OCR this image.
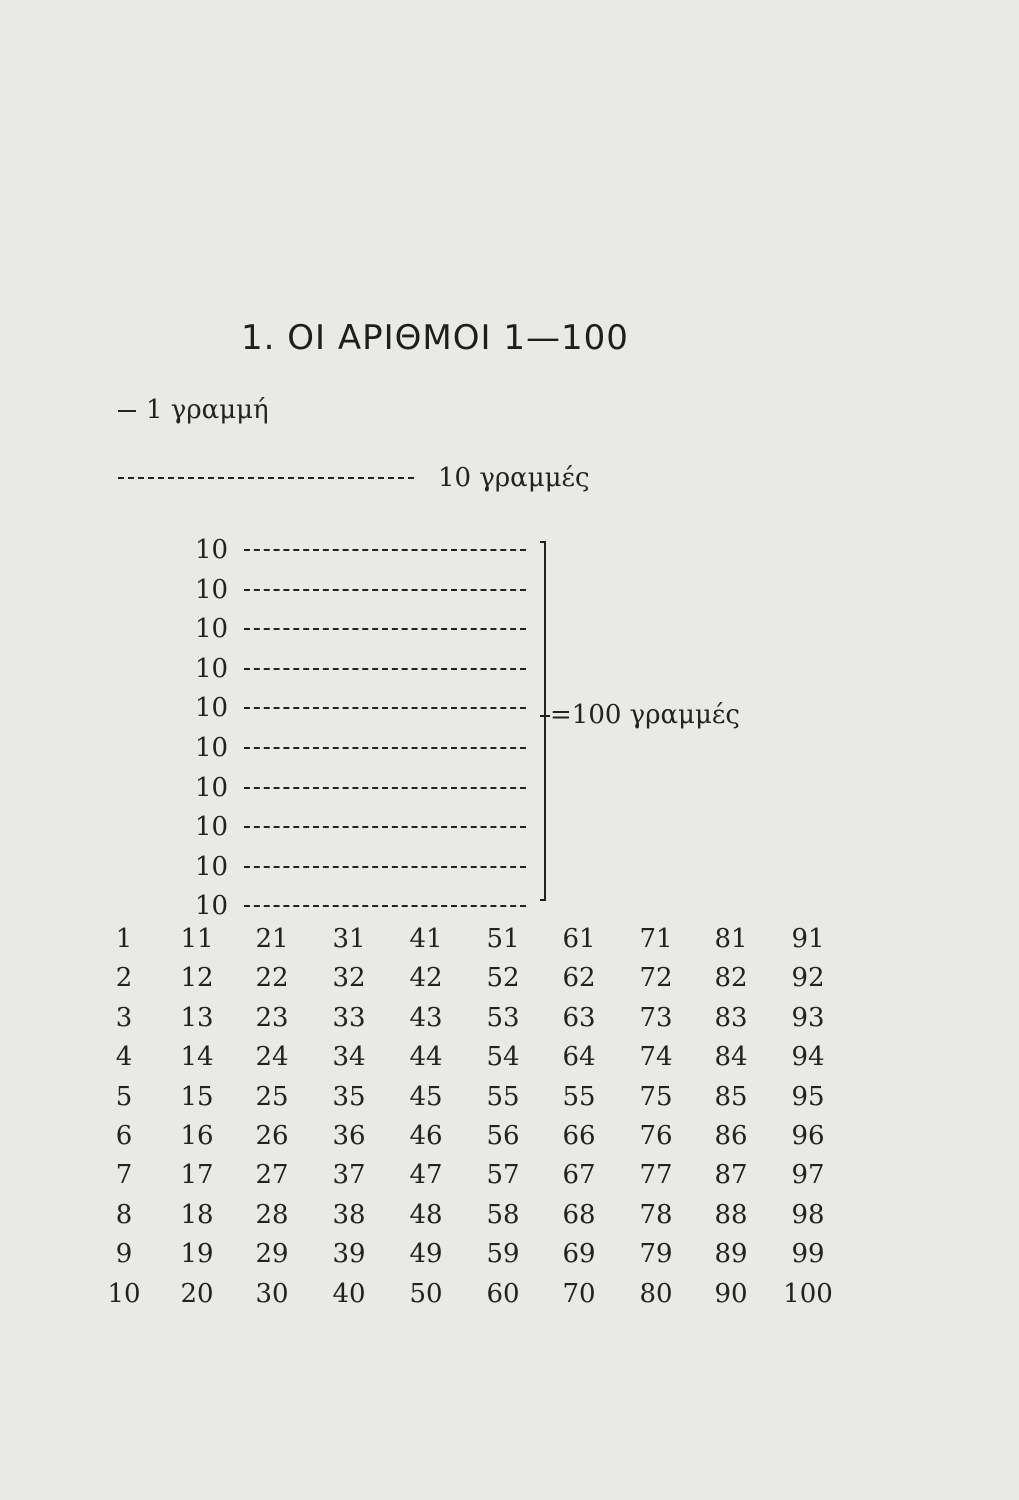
1. ΟΙ ΑΡΙΘΜΟΙ 1—100
1 γραμμή
10 γραμμές
10
10
10
10
10
10
10
10
10
10
=100 γραμμές
1
2
3
4
5
6
7
8
9
10
11
12
13
14
15
16
17
18
19
20
21
22
23
24
25
26
27
28
29
30
31
32
33
34
35
36
37
38
39
40
41
42
43
44
45
46
47
48
49
50
51
52
53
54
55
56
57
58
59
60
61
62
63
64
55
66
67
68
69
70
71
72
73
74
75
76
77
78
79
80
81
82
83
84
85
86
87
88
89
90
91
92
93
94
95
96
97
98
99
100
